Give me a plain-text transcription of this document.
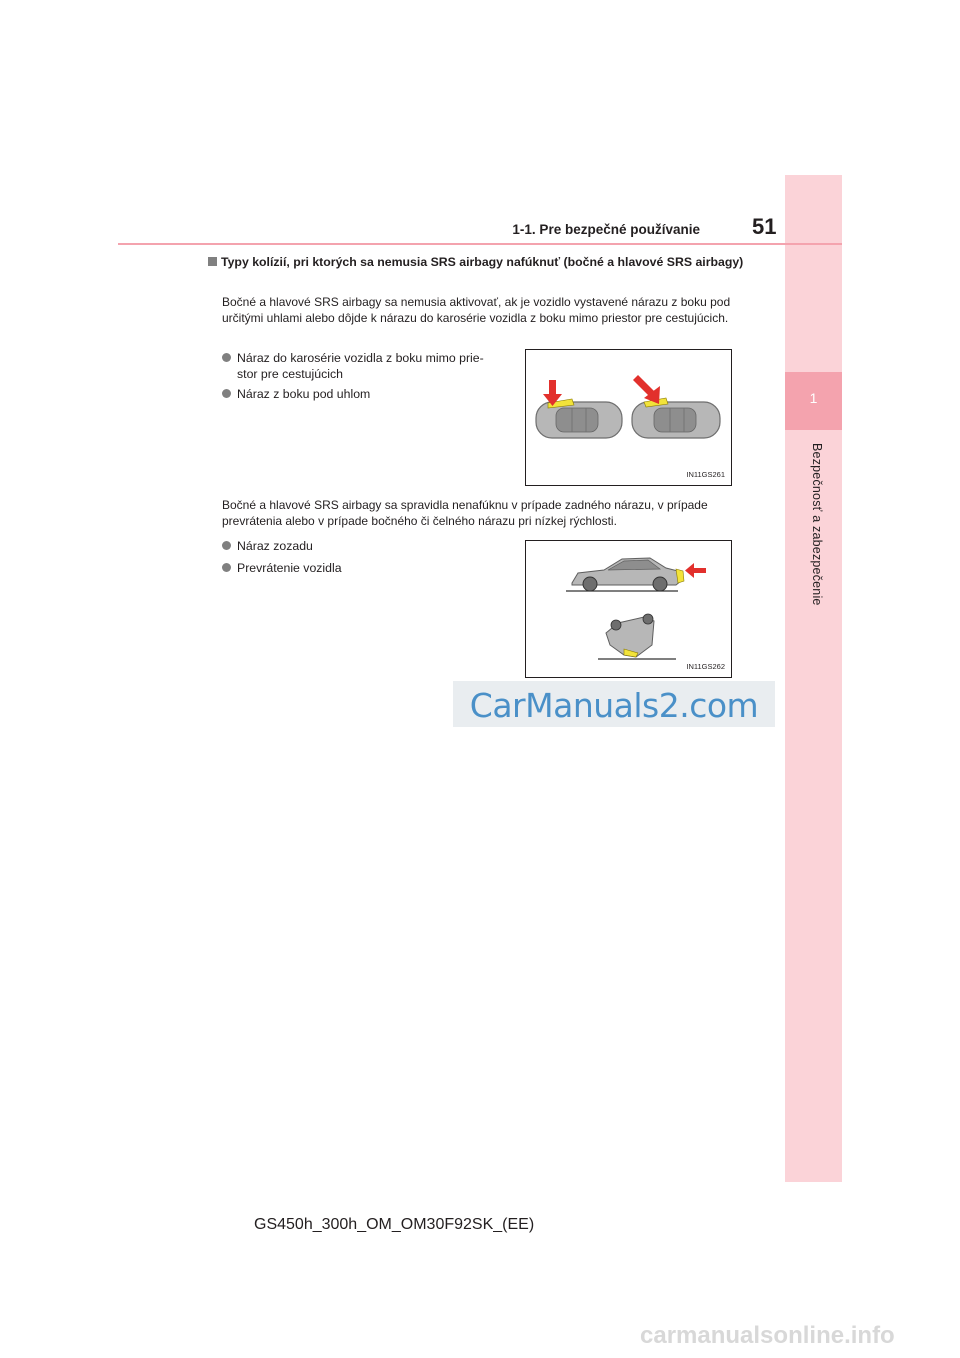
1
Bezpečnosť a zabezpečenie
1-1. Pre bezpečné používanie 51
Typy kolízií, pri ktorých sa nemusia SRS airbagy nafúknuť (bočné a hlavové SRS airbagy)
Bočné a hlavové SRS airbagy sa nemusia aktivovať, ak je vozidlo vystavené nárazu z boku pod určitými uhlami alebo dôjde k nárazu do karosérie vozidla z boku mimo priestor pre cestujúcich.
Náraz do karosérie vozidla z boku mimo prie-
stor pre cestujúcich
Náraz z boku pod uhlom
IN11GS261
Bočné a hlavové SRS airbagy sa spravidla nenafúknu v prípade zadného nárazu, v prípade prevrátenia alebo v prípade bočného či čelného nárazu pri nízkej rýchlosti.
Náraz zozadu
Prevrátenie vozidla
IN11GS262
CarManuals2.com
GS450h_300h_OM_OM30F92SK_(EE)
carmanualsonline.info
